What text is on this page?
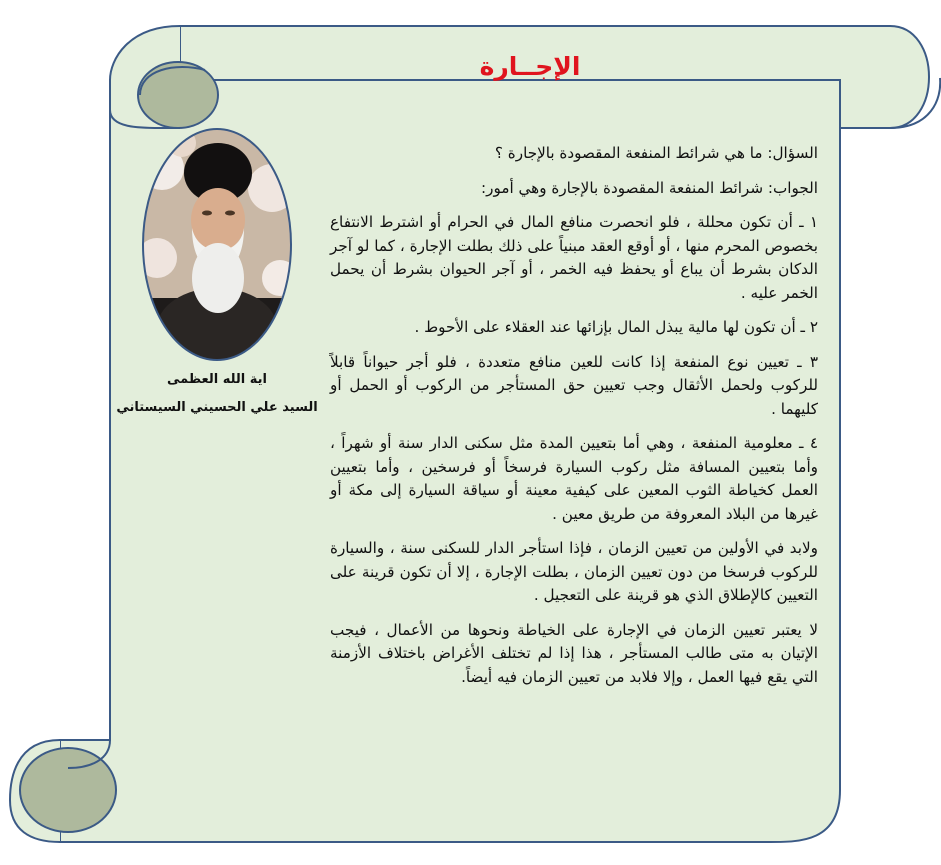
الإجــارة
اية الله العظمى
السيد علي الحسيني السيستاني

السؤال: ما هي شرائط المنفعة المقصودة بالإجارة ؟

الجواب: شرائط المنفعة المقصودة بالإجارة وهي أمور:

١ ـ أن تكون محللة ، فلو انحصرت منافع المال في الحرام أو اشترط الانتفاع بخصوص المحرم منها ، أو أوقع العقد مبنياً على ذلك بطلت الإجارة ، كما لو آجر الدكان بشرط أن يباع أو يحفظ فيه الخمر ، أو آجر الحيوان بشرط أن يحمل الخمر عليه .

٢ ـ أن تكون لها مالية يبذل المال بإزائها عند العقلاء على الأحوط .

٣ ـ تعيين نوع المنفعة إذا كانت للعين منافع متعددة ، فلو أجر حيواناً قابلاً للركوب ولحمل الأثقال وجب تعيين حق المستأجر من الركوب أو الحمل أو كليهما .

٤ ـ معلومية المنفعة ، وهي أما بتعيين المدة مثل سكنى الدار سنة أو شهراً ، وأما بتعيين المسافة مثل ركوب السيارة فرسخاً أو فرسخين ، وأما بتعيين العمل كخياطة الثوب المعين على كيفية معينة أو سياقة السيارة إلى مكة أو غيرها من البلاد المعروفة من طريق معين .

ولابد في الأولين من تعيين الزمان ، فإذا استأجر الدار للسكنى سنة ، والسيارة للركوب فرسخا من دون تعيين الزمان ، بطلت الإجارة ، إلا أن تكون قرينة على التعيين كالإطلاق الذي هو قرينة على التعجيل .

لا يعتبر تعيين الزمان في الإجارة على الخياطة ونحوها من الأعمال ، فيجب الإتيان به متى طالب المستأجر ، هذا إذا لم تختلف الأغراض باختلاف الأزمنة التي يقع فيها العمل ، وإلا فلابد من تعيين الزمان فيه أيضاً.
